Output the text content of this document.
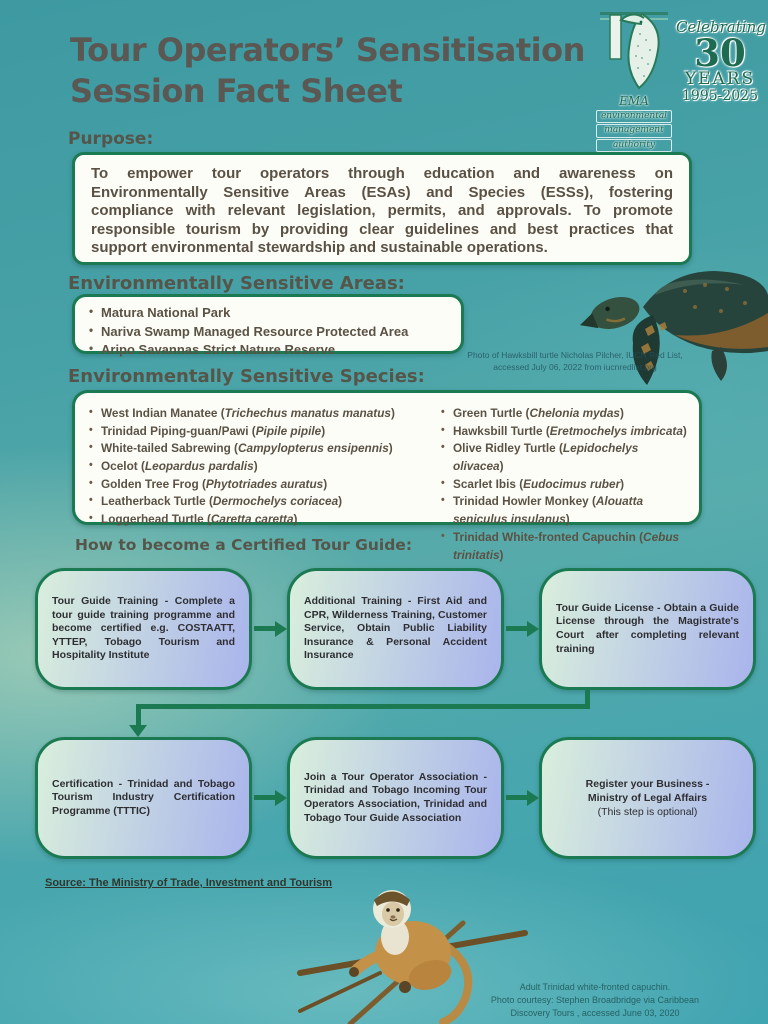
Tour Operators’ Sensitisation
Session Fact Sheet	EMA
environmental
management
authority
Celebrating
30
YEARS
1995-2025
Purpose:

To empower tour operators through education and awareness on Environmentally Sensitive Areas (ESAs) and Species (ESSs), fostering compliance with relevant legislation, permits, and approvals. To promote responsible tourism by providing clear guidelines and best practices that support environmental stewardship and sustainable operations.

Environmentally Sensitive Areas:
• Matura National Park
• Nariva Swamp Managed Resource Protected Area
• Aripo Savannas Strict Nature Reserve	Photo of Hawksbill turtle Nicholas Pilcher, IUCN Red List,
accessed July 06, 2022 from iucnredlist.org
Environmentally Sensitive Species:
• West Indian Manatee (Trichechus manatus manatus)
• Trinidad Piping-guan/Pawi (Pipile pipile)
• White-tailed Sabrewing (Campylopterus ensipennis)
• Ocelot (Leopardus pardalis)
• Golden Tree Frog (Phytotriades auratus)
• Leatherback Turtle (Dermochelys coriacea)
• Loggerhead Turtle (Caretta caretta)
• Green Turtle (Chelonia mydas)
• Hawksbill Turtle (Eretmochelys imbricata)
• Olive Ridley Turtle (Lepidochelys olivacea)
• Scarlet Ibis (Eudocimus ruber)
• Trinidad Howler Monkey (Alouatta seniculus insulanus)
• Trinidad White-fronted Capuchin (Cebus trinitatis)
How to become a Certified Tour Guide:

Tour Guide Training - Complete a tour guide training programme and become certified e.g. COSTAATT, YTTEP, Tobago Tourism and Hospitality Institute

Additional Training - First Aid and CPR, Wilderness Training, Customer Service, Obtain Public Liability Insurance & Personal Accident Insurance

Tour Guide License - Obtain a Guide License through the Magistrate's Court after completing relevant training

Certification - Trinidad and Tobago Tourism Industry Certification Programme (TTTIC)

Join a Tour Operator Association - Trinidad and Tobago Incoming Tour Operators Association, Trinidad and Tobago Tour Guide Association

Register your Business -
Ministry of Legal Affairs
(This step is optional)
Source: The Ministry of Trade, Investment and Tourism
Adult Trinidad white-fronted capuchin.
Photo courtesy: Stephen Broadbridge via Caribbean
Discovery Tours , accessed June 03, 2020
